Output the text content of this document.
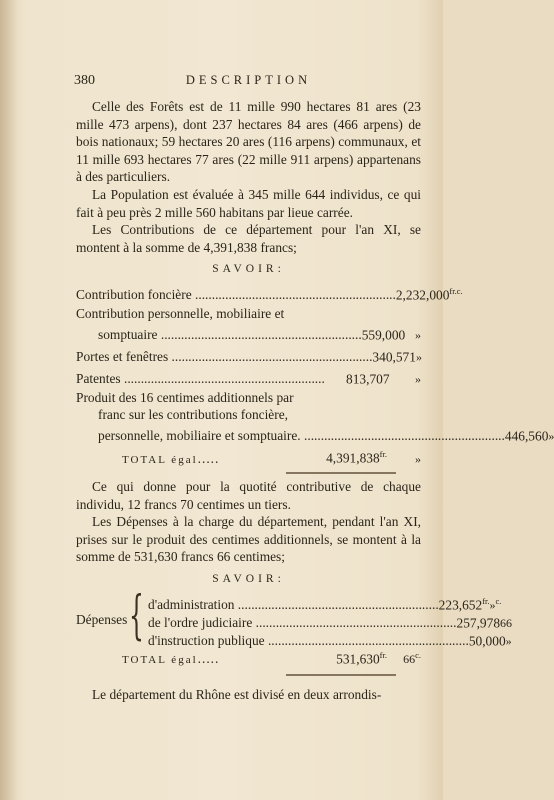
380	DESCRIPTION

Celle des Forêts est de 11 mille 990 hectares 81 ares (23 mille 473 arpens), dont 237 hectares 84 ares (466 arpens) de bois nationaux; 59 hectares 20 ares (116 arpens) communaux, et 11 mille 693 hectares 77 ares (22 mille 911 arpens) appartenans à des particuliers.

La Population est évaluée à 345 mille 644 individus, ce qui fait à peu près 2 mille 560 habitans par lieue carrée.

Les Contributions de ce département pour l'an XI, se montent à la somme de 4,391,838 francs;

SAVOIR:
Contribution foncière ............................................................ $2,232,000^{fr.}$ $^{c.}$
Contribution personnelle, mobiliaire et
somptuaire ............................................................ 559,000 »
Portes et fenêtres ............................................................ 340,571 »
Patentes ............................................................	813,707	»
Produit des 16 centimes additionnels par
franc sur les contributions foncière,
personnelle, mobiliaire et somptuaire. ............................................................ 446,560 »
TOTAL égal.....	$4,391,838^{fr.}$	»

Ce qui donne pour la quotité contributive de chaque individu, 12 francs 70 centimes un tiers.

Les Dépenses à la charge du département, pendant l'an XI, prises sur le produit des centimes additionnels, se montent à la somme de 531,630 francs 66 centimes;

SAVOIR:
Dépenses { d'administration ............................................................ $223,652^{fr.}$ »$^{c.}$
de l'ordre judiciaire ............................................................ 257,978 66
d'instruction publique ............................................................ 50,000 »
TOTAL égal.....	$531,630^{fr.}$	$66^{c.}$

Le département du Rhône est divisé en deux arrondis-
